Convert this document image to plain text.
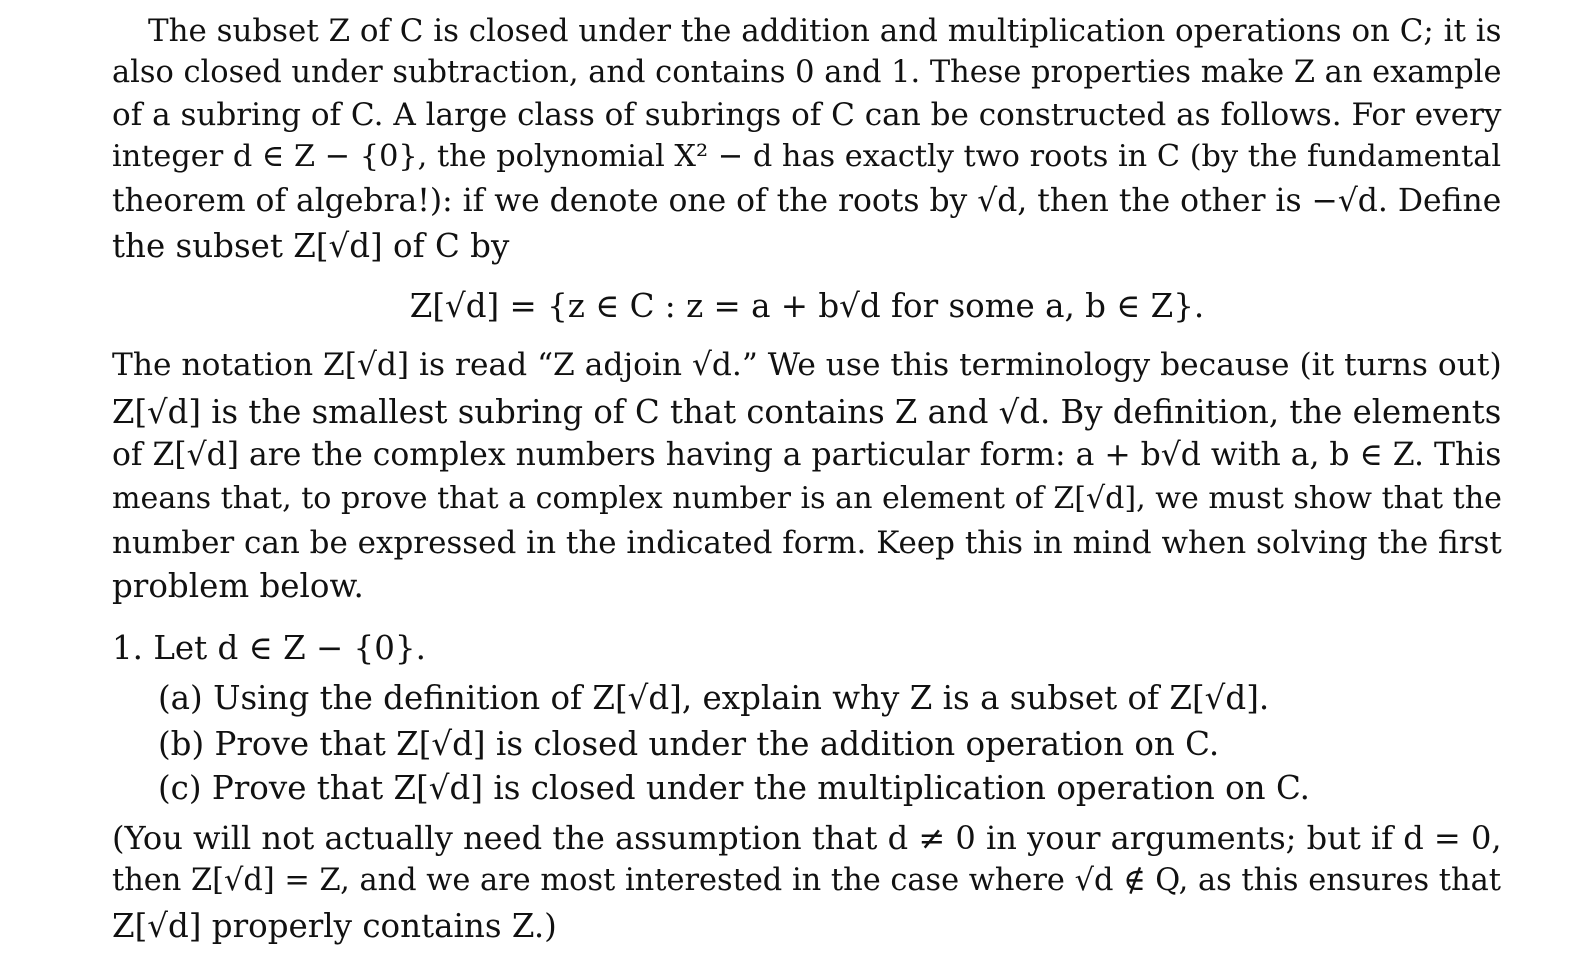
The subset Z of C is closed under the addition and multiplication operations on C; it is
also closed under subtraction, and contains 0 and 1. These properties make Z an example
of a subring of C. A large class of subrings of C can be constructed as follows. For every
integer d ∈ Z − {0}, the polynomial X² − d has exactly two roots in C (by the fundamental
theorem of algebra!): if we denote one of the roots by √d, then the other is −√d. Define
the subset Z[√d] of C by
Z[√d] = {z ∈ C : z = a + b√d for some a, b ∈ Z}.
The notation Z[√d] is read “Z adjoin √d.” We use this terminology because (it turns out)
Z[√d] is the smallest subring of C that contains Z and √d. By definition, the elements
of Z[√d] are the complex numbers having a particular form: a + b√d with a, b ∈ Z. This
means that, to prove that a complex number is an element of Z[√d], we must show that the
number can be expressed in the indicated form. Keep this in mind when solving the first
problem below.
1. Let d ∈ Z − {0}.
(a) Using the definition of Z[√d], explain why Z is a subset of Z[√d].
(b) Prove that Z[√d] is closed under the addition operation on C.
(c) Prove that Z[√d] is closed under the multiplication operation on C.
(You will not actually need the assumption that d ≠ 0 in your arguments; but if d = 0,
then Z[√d] = Z, and we are most interested in the case where √d ∉ Q, as this ensures that
Z[√d] properly contains Z.)
